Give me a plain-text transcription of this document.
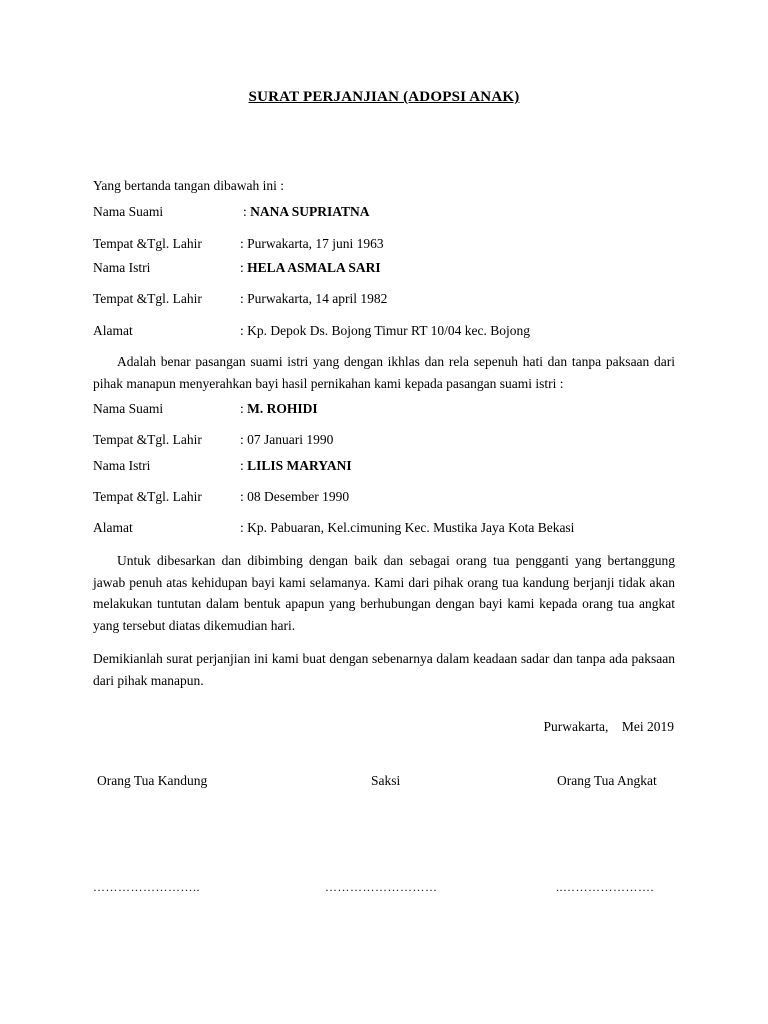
SURAT PERJANJIAN (ADOPSI ANAK)
Yang bertanda tangan dibawah ini :
Nama Suami	: NANA SUPRIATNA
Tempat &Tgl. Lahir	: Purwakarta, 17 juni 1963
Nama Istri	: HELA ASMALA SARI
Tempat &Tgl. Lahir	: Purwakarta, 14 april 1982
Alamat	: Kp. Depok Ds. Bojong Timur RT 10/04 kec. Bojong
Adalah benar pasangan suami istri yang dengan ikhlas dan rela sepenuh hati dan tanpa paksaan dari pihak manapun menyerahkan bayi hasil pernikahan kami kepada pasangan suami istri :
Nama Suami	: M. ROHIDI
Tempat &Tgl. Lahir	: 07 Januari 1990
Nama Istri	: LILIS MARYANI
Tempat &Tgl. Lahir	: 08 Desember 1990
Alamat	: Kp. Pabuaran, Kel.cimuning Kec. Mustika Jaya Kota Bekasi
Untuk dibesarkan dan dibimbing dengan baik dan sebagai orang tua pengganti yang bertanggung jawab penuh atas kehidupan bayi kami selamanya. Kami dari pihak orang tua kandung berjanji tidak akan melakukan tuntutan dalam bentuk apapun yang berhubungan dengan bayi kami kepada orang tua angkat yang tersebut diatas dikemudian hari.
Demikianlah surat perjanjian ini kami buat dengan sebenarnya dalam keadaan sadar dan tanpa ada paksaan dari pihak manapun.
Purwakarta,    Mei 2019
Orang Tua Kandung	Saksi	Orang Tua Angkat
……………………..	………………………	..………………….
